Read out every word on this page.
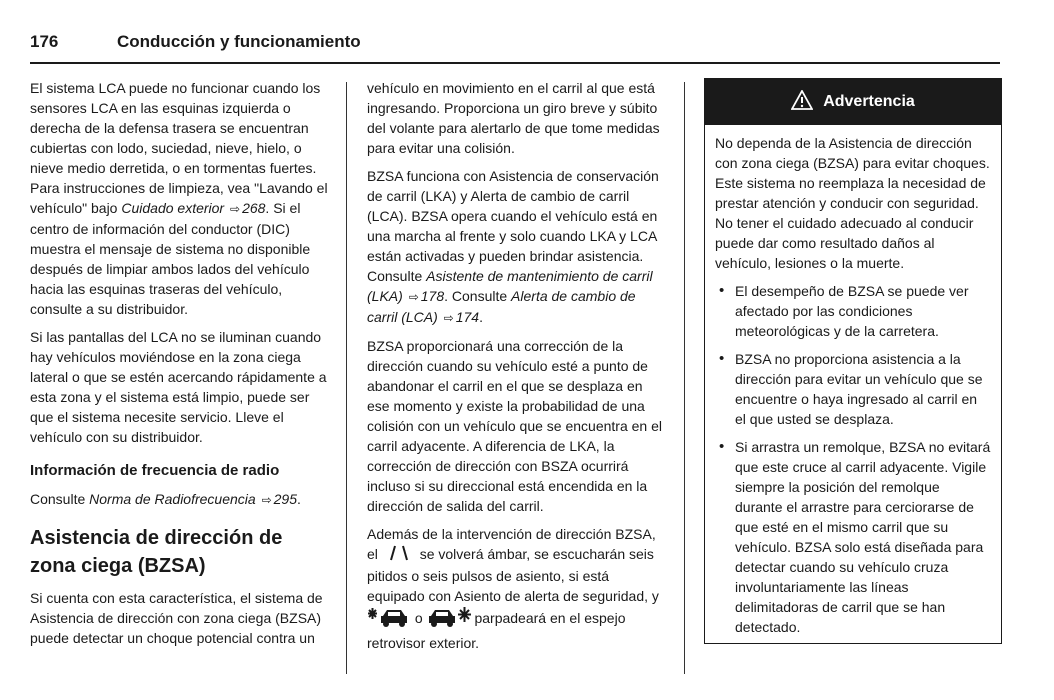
176	Conducción y funcionamiento

El sistema LCA puede no funcionar cuando los sensores LCA en las esquinas izquierda o derecha de la defensa trasera se encuentran cubiertas con lodo, suciedad, nieve, hielo, o nieve medio derretida, o en tormentas fuertes. Para instrucciones de limpieza, vea "Lavando el vehículo" bajo Cuidado exterior ⇨ 268. Si el centro de información del conductor (DIC) muestra el mensaje de sistema no disponible después de limpiar ambos lados del vehículo hacia las esquinas traseras del vehículo, consulte a su distribuidor.

Si las pantallas del LCA no se iluminan cuando hay vehículos moviéndose en la zona ciega lateral o que se estén acercando rápidamente a esta zona y el sistema está limpio, puede ser que el sistema necesite servicio. Lleve el vehículo con su distribuidor.

Información de frecuencia de radio

Consulte Norma de Radiofrecuencia ⇨ 295.

Asistencia de dirección de zona ciega (BZSA)

Si cuenta con esta característica, el sistema de Asistencia de dirección con zona ciega (BZSA) puede detectar un choque potencial contra un

vehículo en movimiento en el carril al que está ingresando. Proporciona un giro breve y súbito del volante para alertarlo de que tome medidas para evitar una colisión.

BZSA funciona con Asistencia de conservación de carril (LKA) y Alerta de cambio de carril (LCA). BZSA opera cuando el vehículo está en una marcha al frente y solo cuando LKA y LCA están activadas y pueden brindar asistencia. Consulte Asistente de mantenimiento de carril (LKA) ⇨ 178. Consulte Alerta de cambio de carril (LCA) ⇨ 174.

BZSA proporcionará una corrección de la dirección cuando su vehículo esté a punto de abandonar el carril en el que se desplaza en ese momento y existe la probabilidad de una colisión con un vehículo que se encuentra en el carril adyacente. A diferencia de LKA, la corrección de dirección con BSZA ocurrirá incluso si su direccional está encendida en la dirección de salida del carril.

Además de la intervención de dirección BZSA, el	se volverá ámbar, se escucharán seis pitidos o seis pulsos de asiento, si está equipado con Asiento de alerta de seguridad, y  o	parpadeará en el espejo retrovisor exterior.

Advertencia

No dependa de la Asistencia de dirección con zona ciega (BZSA) para evitar choques. Este sistema no reemplaza la necesidad de prestar atención y conducir con seguridad. No tener el cuidado adecuado al conducir puede dar como resultado daños al vehículo, lesiones o la muerte.

• El desempeño de BZSA se puede ver afectado por las condiciones meteorológicas y de la carretera.
• BZSA no proporciona asistencia a la dirección para evitar un vehículo que se encuentre o haya ingresado al carril en el que usted se desplaza.
• Si arrastra un remolque, BZSA no evitará que este cruce al carril adyacente. Vigile siempre la posición del remolque durante el arrastre para cerciorarse de que esté en el mismo carril que su vehículo. BZSA solo está diseñada para detectar cuando su vehículo cruza involuntariamente las líneas delimitadoras de carril que se han detectado.
